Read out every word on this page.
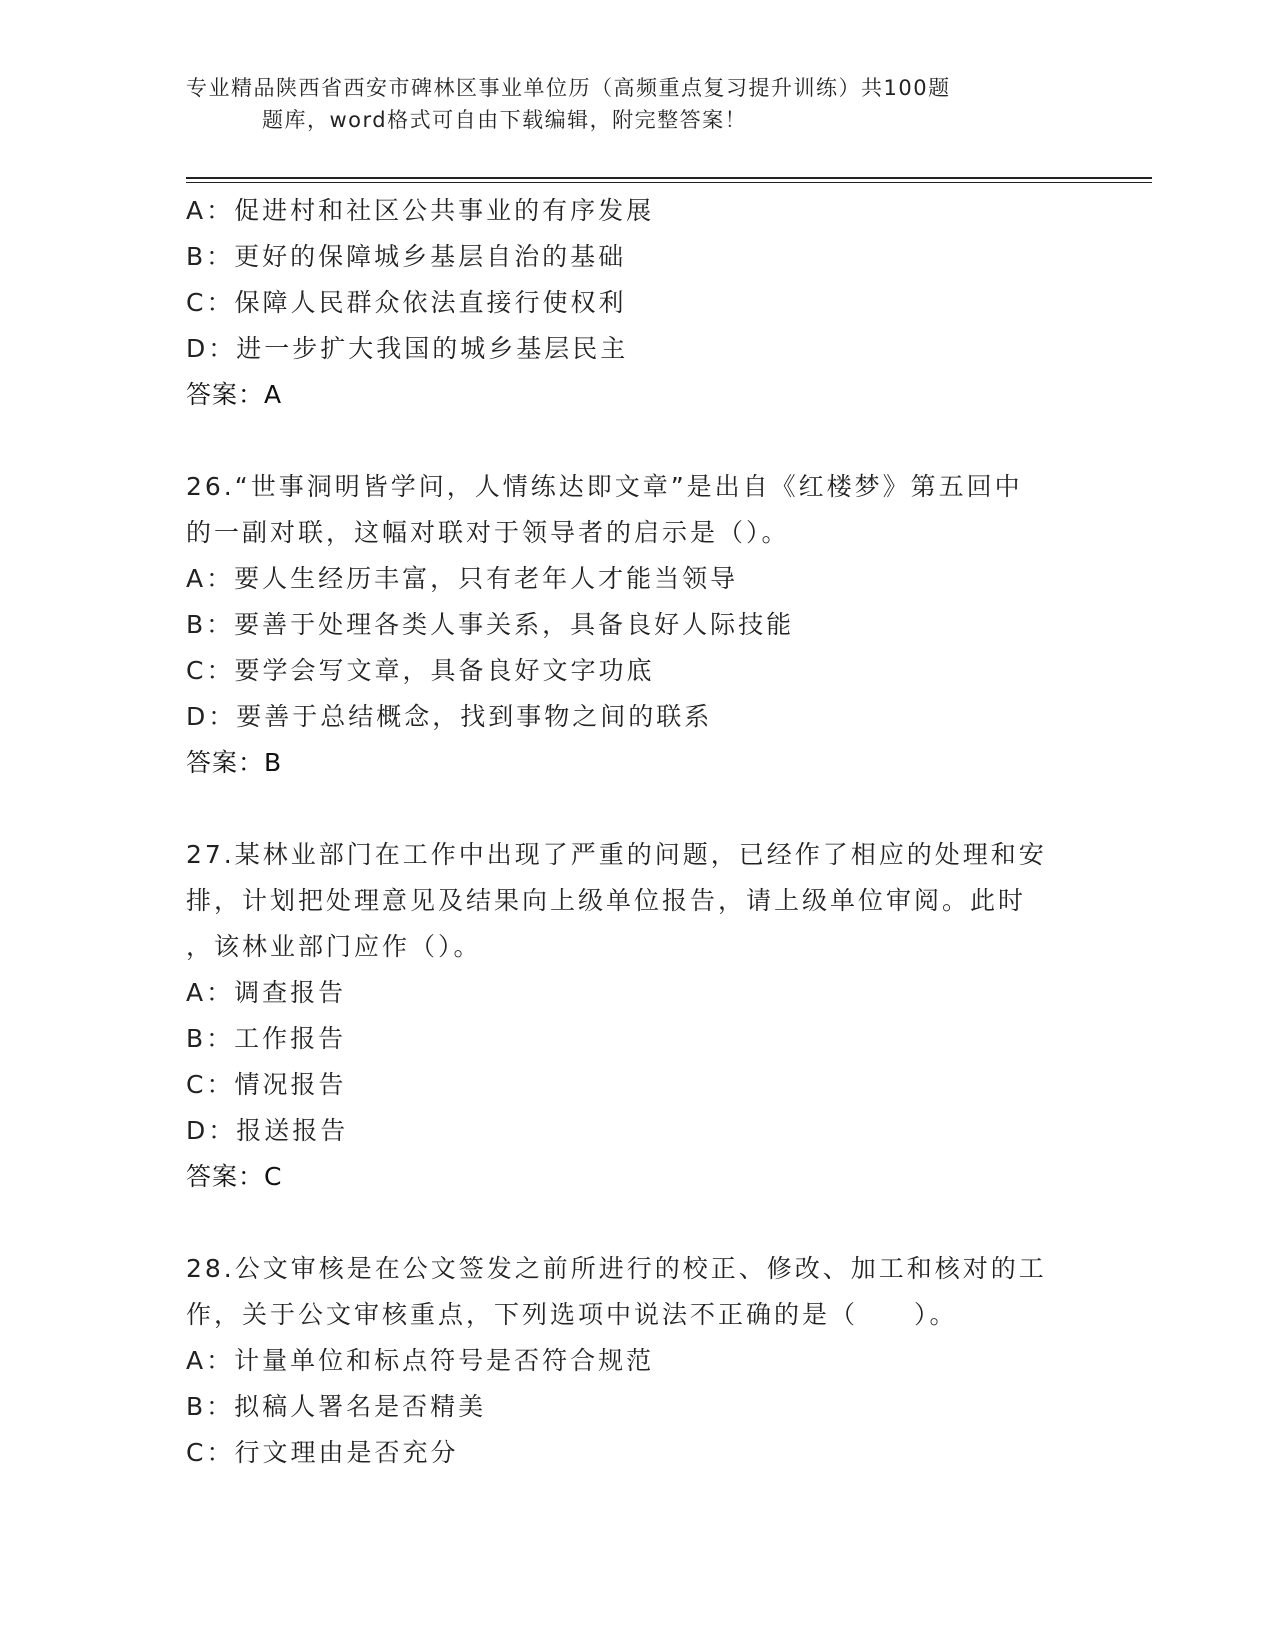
专业精品陕西省西安市碑林区事业单位历（高频重点复习提升训练）共100题
题库，word格式可自由下载编辑，附完整答案！
A：促进村和社区公共事业的有序发展
B：更好的保障城乡基层自治的基础
C：保障人民群众依法直接行使权利
D：进一步扩大我国的城乡基层民主
答案：A
26.“世事洞明皆学问，人情练达即文章”是出自《红楼梦》第五回中
的一副对联，这幅对联对于领导者的启示是（）。
A：要人生经历丰富，只有老年人才能当领导
B：要善于处理各类人事关系，具备良好人际技能
C：要学会写文章，具备良好文字功底
D：要善于总结概念，找到事物之间的联系
答案：B
27.某林业部门在工作中出现了严重的问题，已经作了相应的处理和安
排，计划把处理意见及结果向上级单位报告，请上级单位审阅。此时
，该林业部门应作（）。
A：调查报告
B：工作报告
C：情况报告
D：报送报告
答案：C
28.公文审核是在公文签发之前所进行的校正、修改、加工和核对的工
作，关于公文审核重点，下列选项中说法不正确的是（　　）。
A：计量单位和标点符号是否符合规范
B：拟稿人署名是否精美
C：行文理由是否充分
